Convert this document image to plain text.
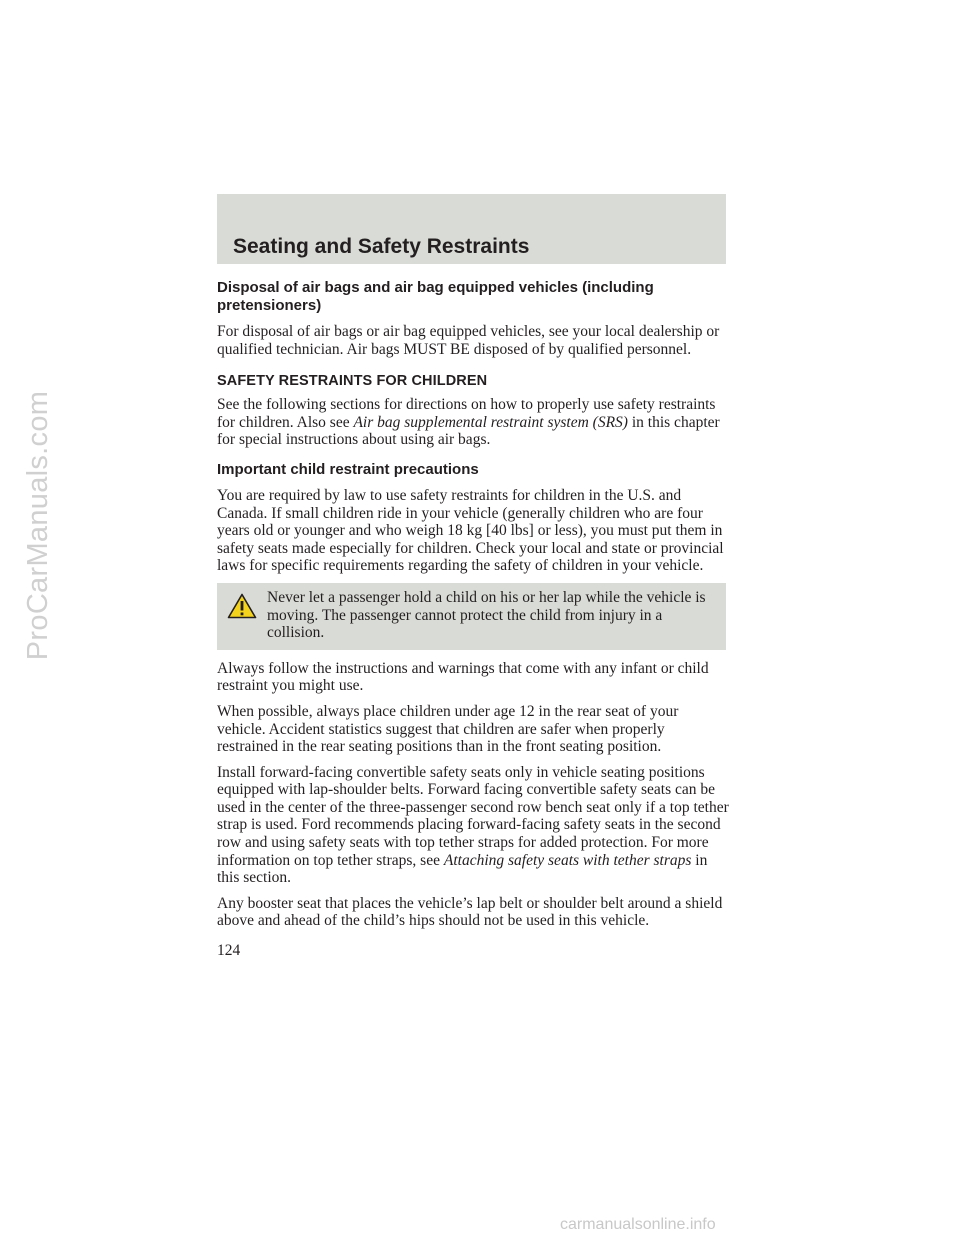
ProCarManuals.com
Seating and Safety Restraints
Disposal of air bags and air bag equipped vehicles (including pretensioners)

For disposal of air bags or air bag equipped vehicles, see your local dealership or qualified technician. Air bags MUST BE disposed of by qualified personnel.

SAFETY RESTRAINTS FOR CHILDREN

See the following sections for directions on how to properly use safety restraints for children. Also see Air bag supplemental restraint system (SRS) in this chapter for special instructions about using air bags.

Important child restraint precautions

You are required by law to use safety restraints for children in the U.S. and Canada. If small children ride in your vehicle (generally children who are four years old or younger and who weigh 18 kg [40 lbs] or less), you must put them in safety seats made especially for children. Check your local and state or provincial laws for specific requirements regarding the safety of children in your vehicle.

Never let a passenger hold a child on his or her lap while the vehicle is moving. The passenger cannot protect the child from injury in a collision.

Always follow the instructions and warnings that come with any infant or child restraint you might use.

When possible, always place children under age 12 in the rear seat of your vehicle. Accident statistics suggest that children are safer when properly restrained in the rear seating positions than in the front seating position.

Install forward-facing convertible safety seats only in vehicle seating positions equipped with lap-shoulder belts. Forward facing convertible safety seats can be used in the center of the three-passenger second row bench seat only if a top tether strap is used. Ford recommends placing forward-facing safety seats in the second row and using safety seats with top tether straps for added protection. For more information on top tether straps, see Attaching safety seats with tether straps in this section.

Any booster seat that places the vehicle’s lap belt or shoulder belt around a shield above and ahead of the child’s hips should not be used in this vehicle.

124

carmanualsonline.info
